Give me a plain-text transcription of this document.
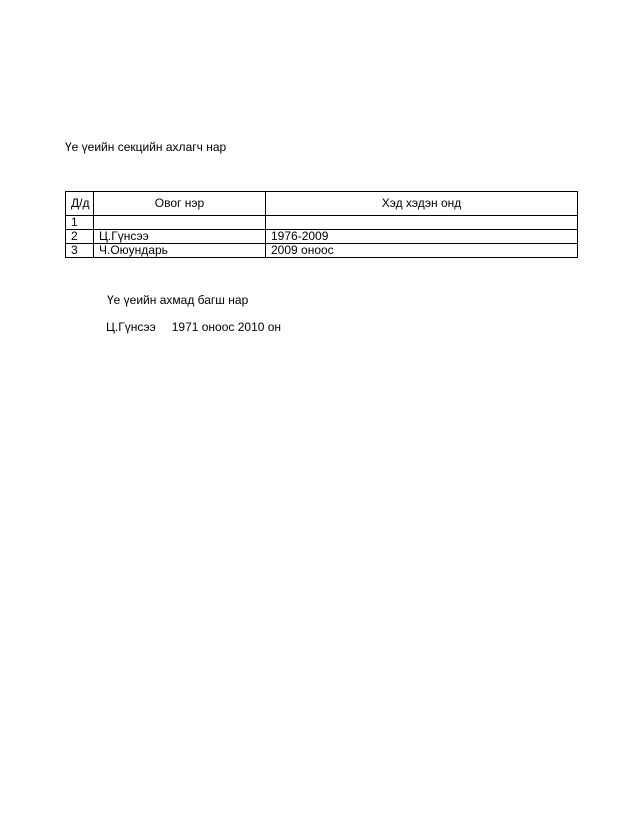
Үе үеийн секцийн ахлагч нар
Д/д	Овог нэр	Хэд хэдэн онд
1		
2	Ц.Гүнсээ	1976-2009
3	Ч.Оюундарь	2009 оноос
Үе үеийн ахмад багш нар
Ц.Гүнсээ 1971 оноос 2010 он
